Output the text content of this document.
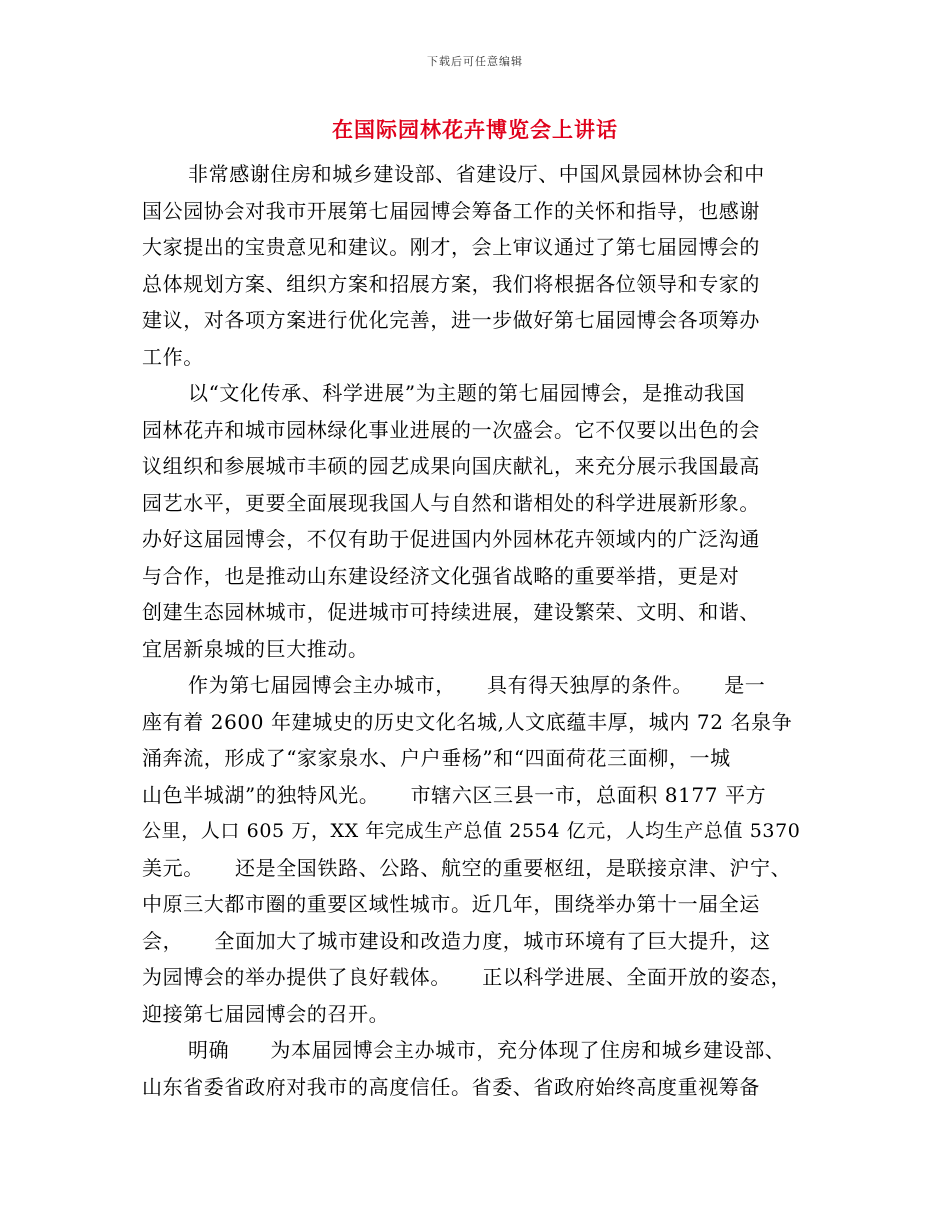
下载后可任意编辑
在国际园林花卉博览会上讲话
非常感谢住房和城乡建设部、省建设厅、中国风景园林协会和中
国公园协会对我市开展第七届园博会筹备工作的关怀和指导，也感谢
大家提出的宝贵意见和建议。刚才，会上审议通过了第七届园博会的
总体规划方案、组织方案和招展方案，我们将根据各位领导和专家的
建议，对各项方案进行优化完善，进一步做好第七届园博会各项筹办
工作。
以“文化传承、科学进展”为主题的第七届园博会，是推动我国
园林花卉和城市园林绿化事业进展的一次盛会。它不仅要以出色的会
议组织和参展城市丰硕的园艺成果向国庆献礼，来充分展示我国最高
园艺水平，更要全面展现我国人与自然和谐相处的科学进展新形象。
办好这届园博会，不仅有助于促进国内外园林花卉领域内的广泛沟通
与合作，也是推动山东建设经济文化强省战略的重要举措，更是对
创建生态园林城市，促进城市可持续进展，建设繁荣、文明、和谐、
宜居新泉城的巨大推动。
作为第七届园博会主办城市，　　具有得天独厚的条件。　　是一
座有着 2600 年建城史的历史文化名城,人文底蕴丰厚，城内 72 名泉争
涌奔流，形成了“家家泉水、户户垂杨”和“四面荷花三面柳，一城
山色半城湖”的独特风光。　　市辖六区三县一市，总面积 8177 平方
公里，人口 605 万，XX 年完成生产总值 2554 亿元，人均生产总值 5370
美元。　　还是全国铁路、公路、航空的重要枢纽，是联接京津、沪宁、
中原三大都市圈的重要区域性城市。近几年，围绕举办第十一届全运
会，　　全面加大了城市建设和改造力度，城市环境有了巨大提升，这
为园博会的举办提供了良好载体。　　正以科学进展、全面开放的姿态，
迎接第七届园博会的召开。
明确　　为本届园博会主办城市，充分体现了住房和城乡建设部、
山东省委省政府对我市的高度信任。省委、省政府始终高度重视筹备
